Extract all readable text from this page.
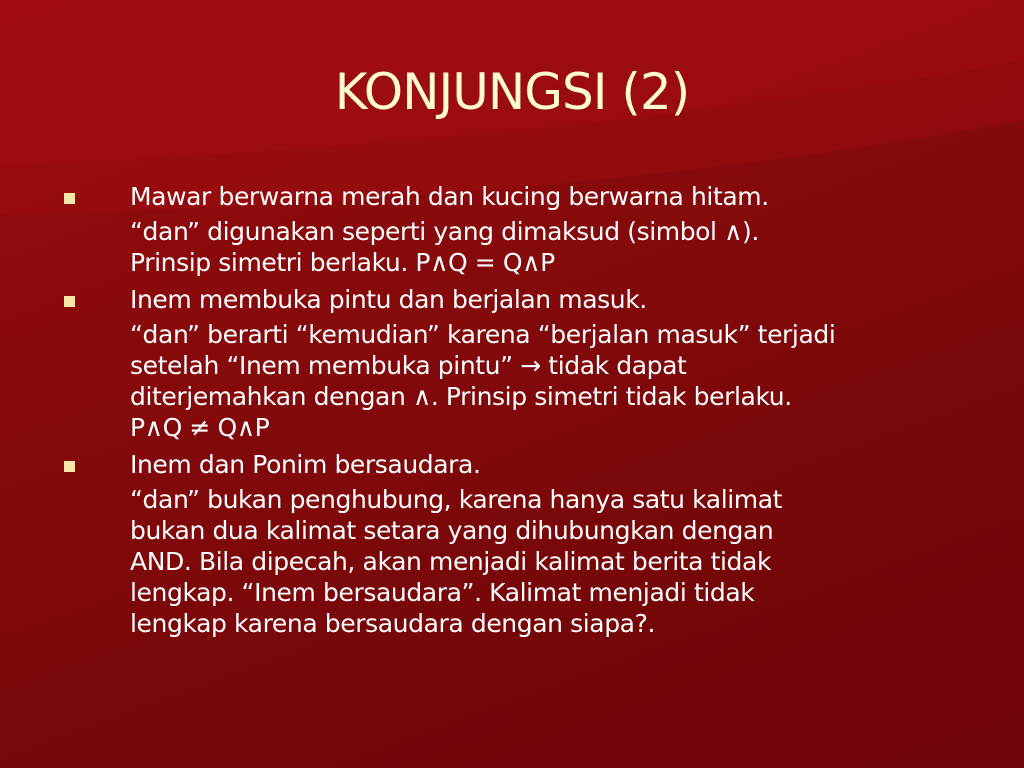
KONJUNGSI (2)
Mawar berwarna merah dan kucing berwarna hitam.
“dan” digunakan seperti yang dimaksud (simbol ∧).
Prinsip simetri berlaku. P∧Q = Q∧P
Inem membuka pintu dan berjalan masuk.
“dan” berarti “kemudian” karena “berjalan masuk” terjadi
setelah “Inem membuka pintu” → tidak dapat
diterjemahkan dengan ∧. Prinsip simetri tidak berlaku.
P∧Q ≠ Q∧P
Inem dan Ponim bersaudara.
“dan” bukan penghubung, karena hanya satu kalimat
bukan dua kalimat setara yang dihubungkan dengan
AND. Bila dipecah, akan menjadi kalimat berita tidak
lengkap. “Inem bersaudara”. Kalimat menjadi tidak
lengkap karena bersaudara dengan siapa?.
